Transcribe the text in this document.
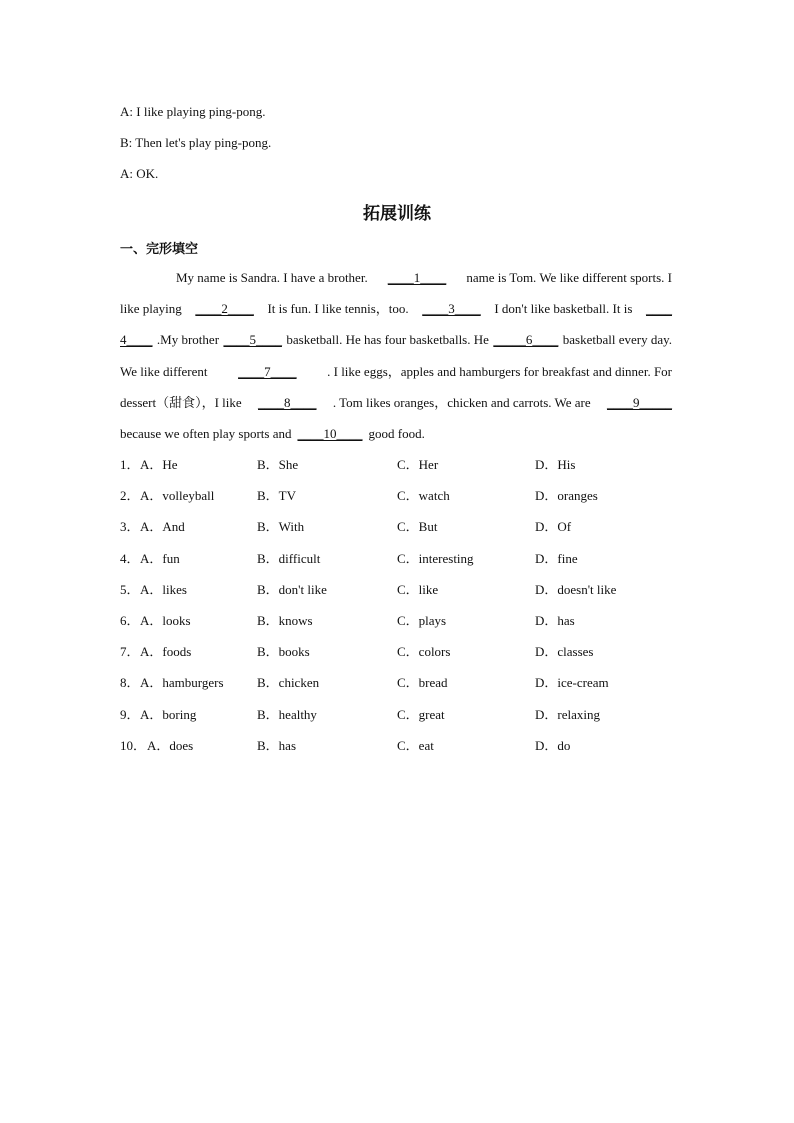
A: I like playing ping-pong.
B: Then let's play ping-pong.
A: OK.
拓展训练
一、完形填空
My name is Sandra. I have a brother. ____1____ name is Tom. We like different sports. I
like playing ____2____ It is fun. I like tennis，too. ____3____ I don't like basketball. It is ____
4____ .My brother ____5____ basketball. He has four basketballs. He _____6____ basketball every day.
We like different ____7____ . I like eggs，apples and hamburgers for breakfast and dinner. For
dessert（甜食），I like ____8____ . Tom likes oranges，chicken and carrots. We are ____9_____
because we often play sports and ____10____ good food.
1． A．He	B．She	C．Her	D．His
2． A．volleyball	B．TV	C．watch	D．oranges
3． A．And	B．With	C．But	D．Of
4． A．fun	B．difficult	C．interesting	D．fine
5． A．likes	B．don't like	C．like	D．doesn't like
6． A．looks	B．knows	C．plays	D．has
7． A．foods	B．books	C．colors	D．classes
8． A．hamburgers	B．chicken	C．bread	D．ice-cream
9． A．boring	B．healthy	C．great	D．relaxing
10． A．does	B．has	C．eat	D．do
